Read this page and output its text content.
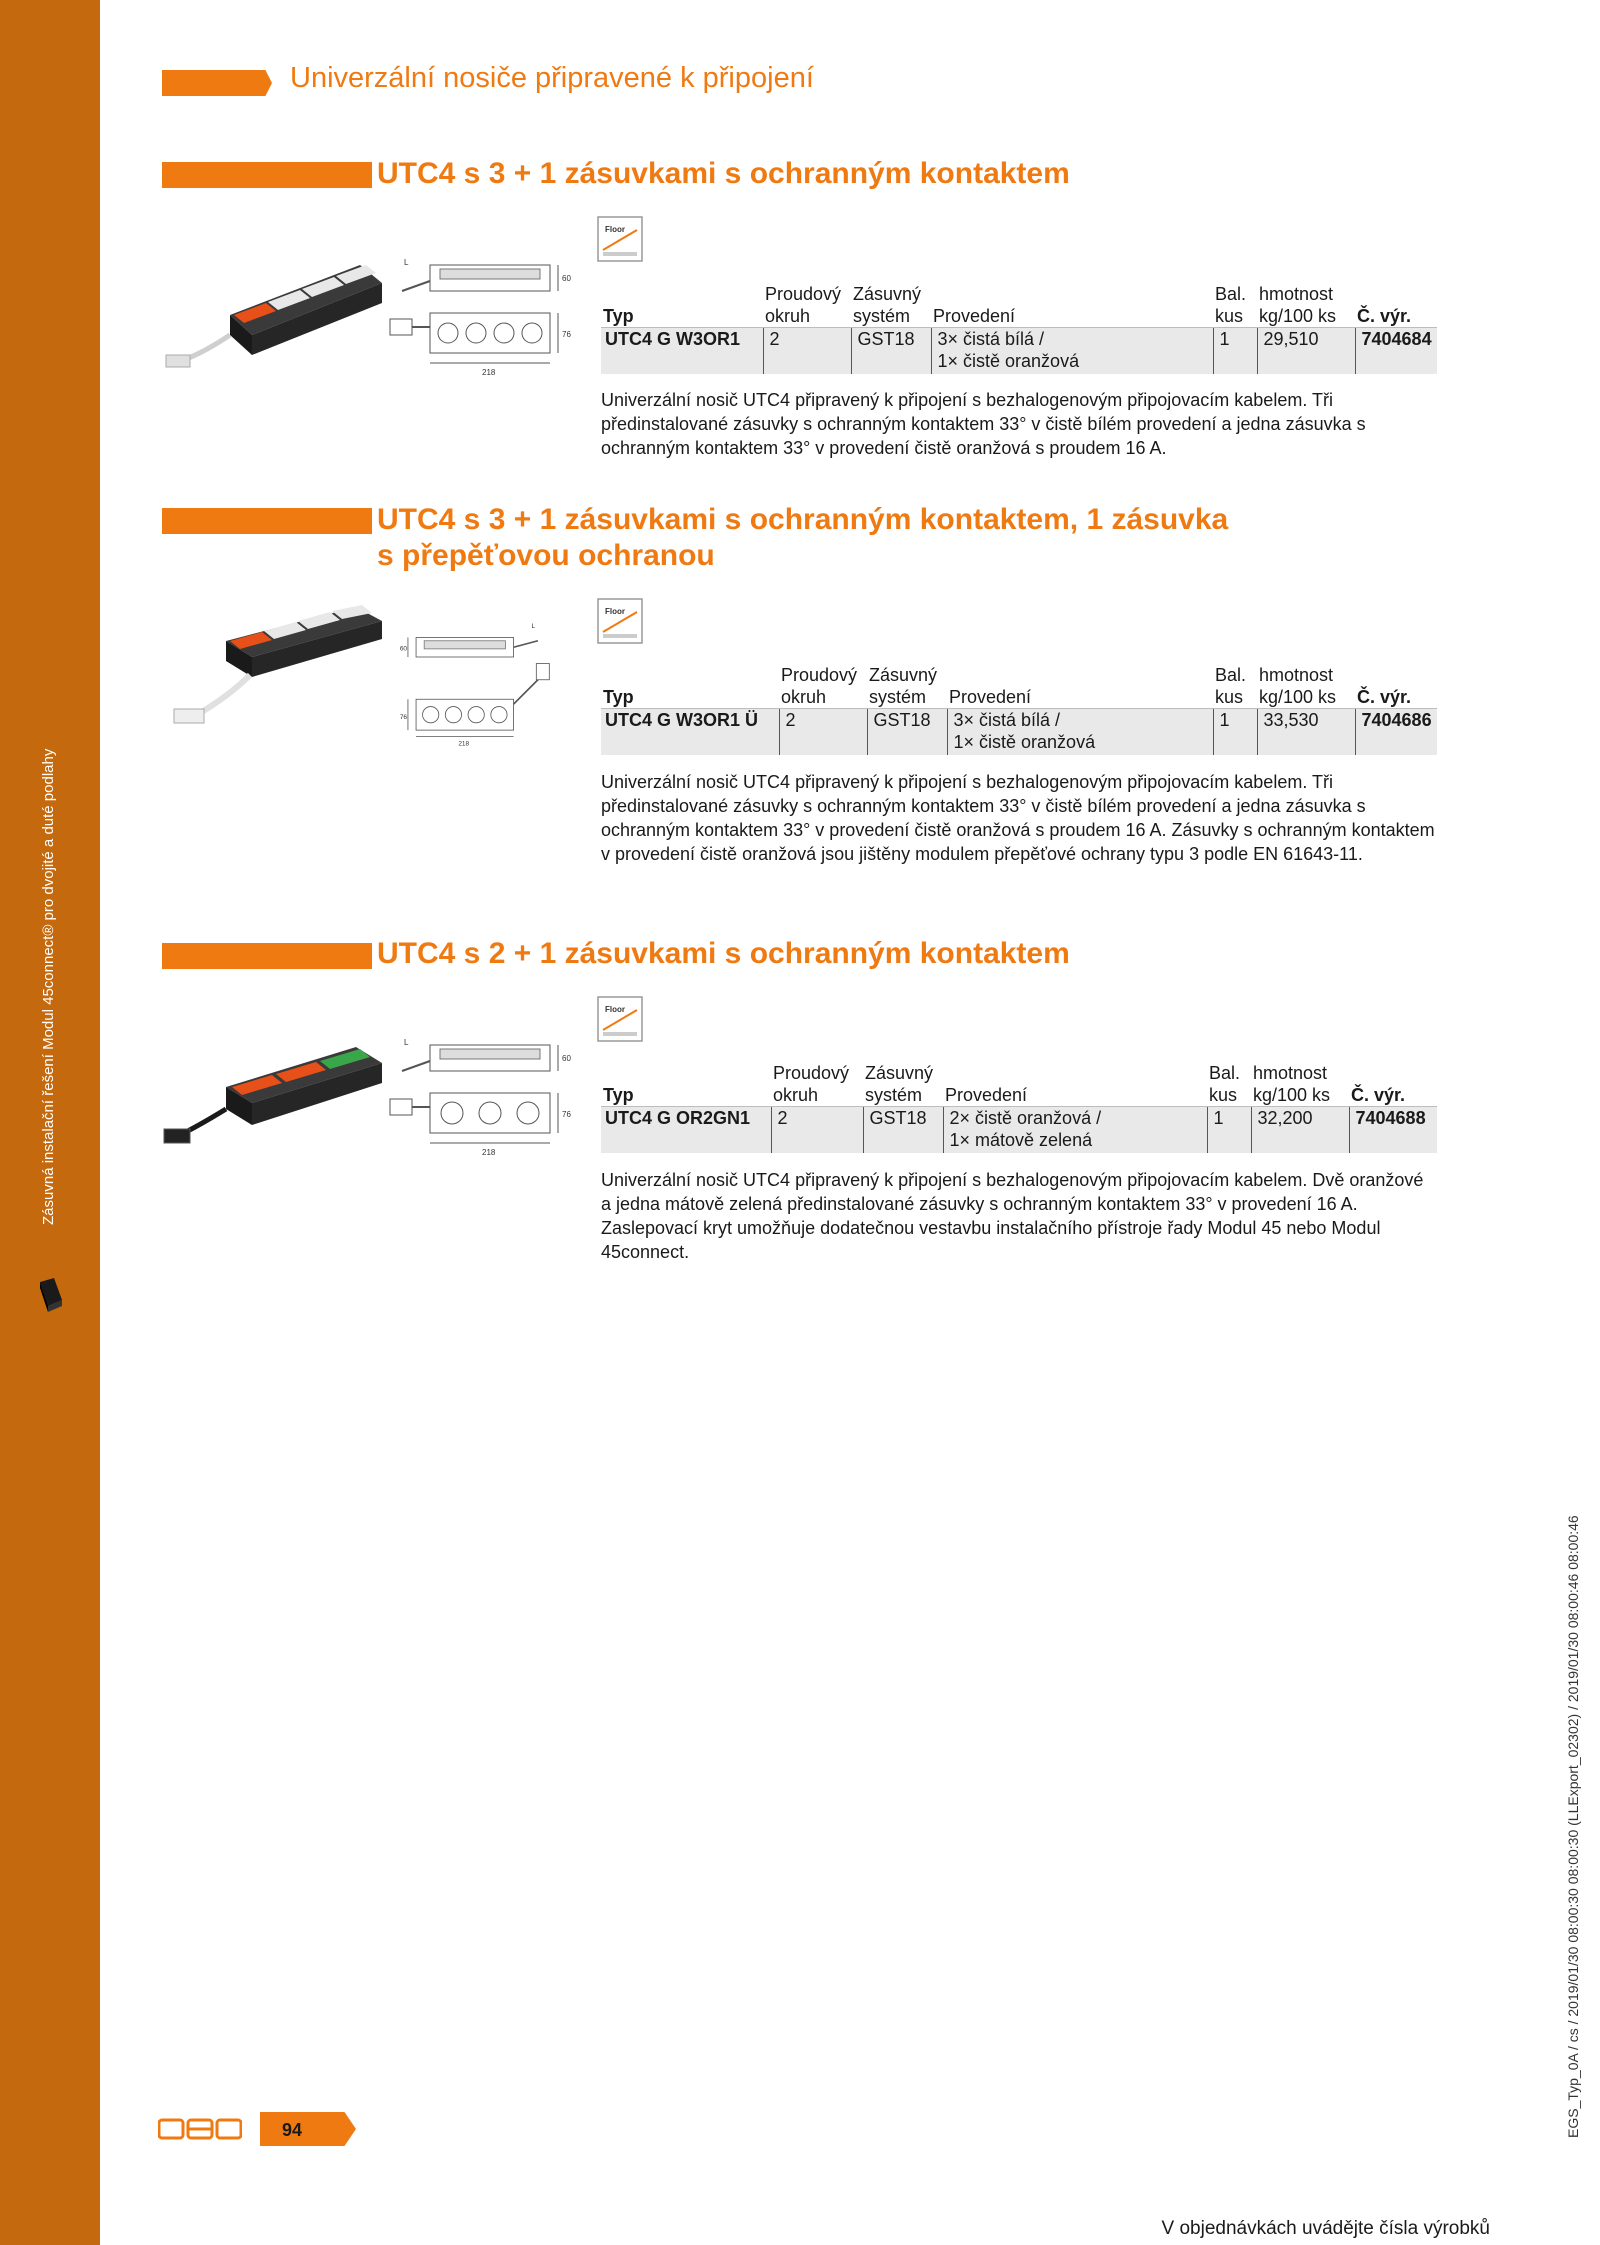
Zásuvná instalační řešení Modul 45connect® pro dvojité a duté podlahy
Univerzální nosiče připravené k připojení
UTC4 s 3 + 1 zásuvkami s ochranným kontaktem
Floor
L
60
218
76
	Proudový	Zásuvný		Bal.	hmotnost	
Typ	okruh	systém	Provedení	kus	kg/100 ks	Č. výr.
UTC4 G W3OR1	2	GST18	3× čistá bílá /
1× čistě oranžová	1	29,510	7404684
Univerzální nosič UTC4 připravený k připojení s bezhalogenovým připojovacím kabelem. Tři předinstalované zásuvky s ochranným kontaktem 33° v čistě bílém provedení a jedna zásuvka s ochranným kontaktem 33° v provedení čistě oranžová s proudem 16 A.
UTC4 s 3 + 1 zásuvkami s ochranným kontaktem, 1 zásuvka
s přepěťovou ochranou
Floor
60
L
76
218
	Proudový	Zásuvný		Bal.	hmotnost	
Typ	okruh	systém	Provedení	kus	kg/100 ks	Č. výr.
UTC4 G W3OR1 Ü	2	GST18	3× čistá bílá /
1× čistě oranžová	1	33,530	7404686
Univerzální nosič UTC4 připravený k připojení s bezhalogenovým připojovacím kabelem. Tři předinstalované zásuvky s ochranným kontaktem 33° v čistě bílém provedení a jedna zásuvka s ochranným kontaktem 33° v provedení čistě oranžová s proudem 16 A. Zásuvky s ochranným kontaktem v provedení čistě oranžová jsou jištěny modulem přepěťové ochrany typu 3 podle EN 61643-11.
UTC4 s 2 + 1 zásuvkami s ochranným kontaktem
Floor
L
60
218
76
	Proudový	Zásuvný		Bal.	hmotnost	
Typ	okruh	systém	Provedení	kus	kg/100 ks	Č. výr.
UTC4 G OR2GN1	2	GST18	2× čistě oranžová /
1× mátově zelená	1	32,200	7404688
Univerzální nosič UTC4 připravený k připojení s bezhalogenovým připojovacím kabelem. Dvě oranžové a jedna mátově zelená předinstalované zásuvky s ochranným kontaktem 33° v provedení 16 A. Zaslepovací kryt umožňuje dodatečnou vestavbu instalačního přístroje řady Modul 45 nebo Modul 45connect.
94
V objednávkách uvádějte čísla výrobků
EGS_Typ_0A / cs / 2019/01/30 08:00:30 08:00:30 (LLExport_02302) / 2019/01/30 08:00:46 08:00:46
